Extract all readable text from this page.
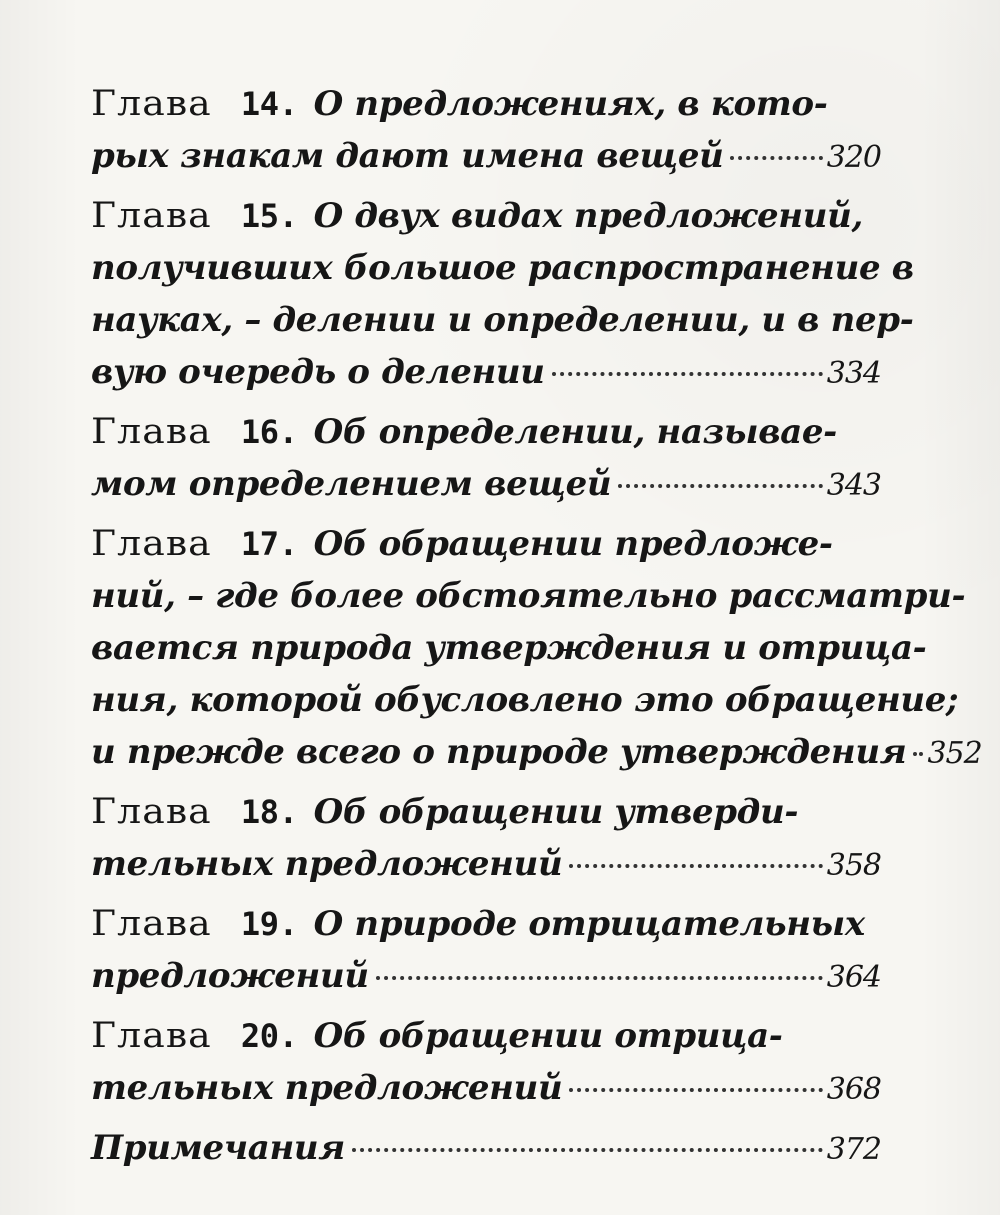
Глава 14. О предложениях, в кото-
рых знакам дают имена вещей	320
Глава 15. О двух видах предложений,
получивших большое распространение в
науках, – делении и определении, и в пер-
вую очередь о делении	334
Глава 16. Об определении, называе-
мом определением вещей	343
Глава 17. Об обращении предложе-
ний, – где более обстоятельно рассматри-
вается природа утверждения и отрица-
ния, которой обусловлено это обращение;
и прежде всего о природе утверждения 352
Глава 18. Об обращении утверди-
тельных предложений	358
Глава 19. О природе отрицательных
предложений	364
Глава 20. Об обращении отрица-
тельных предложений	368
Примечания	372
